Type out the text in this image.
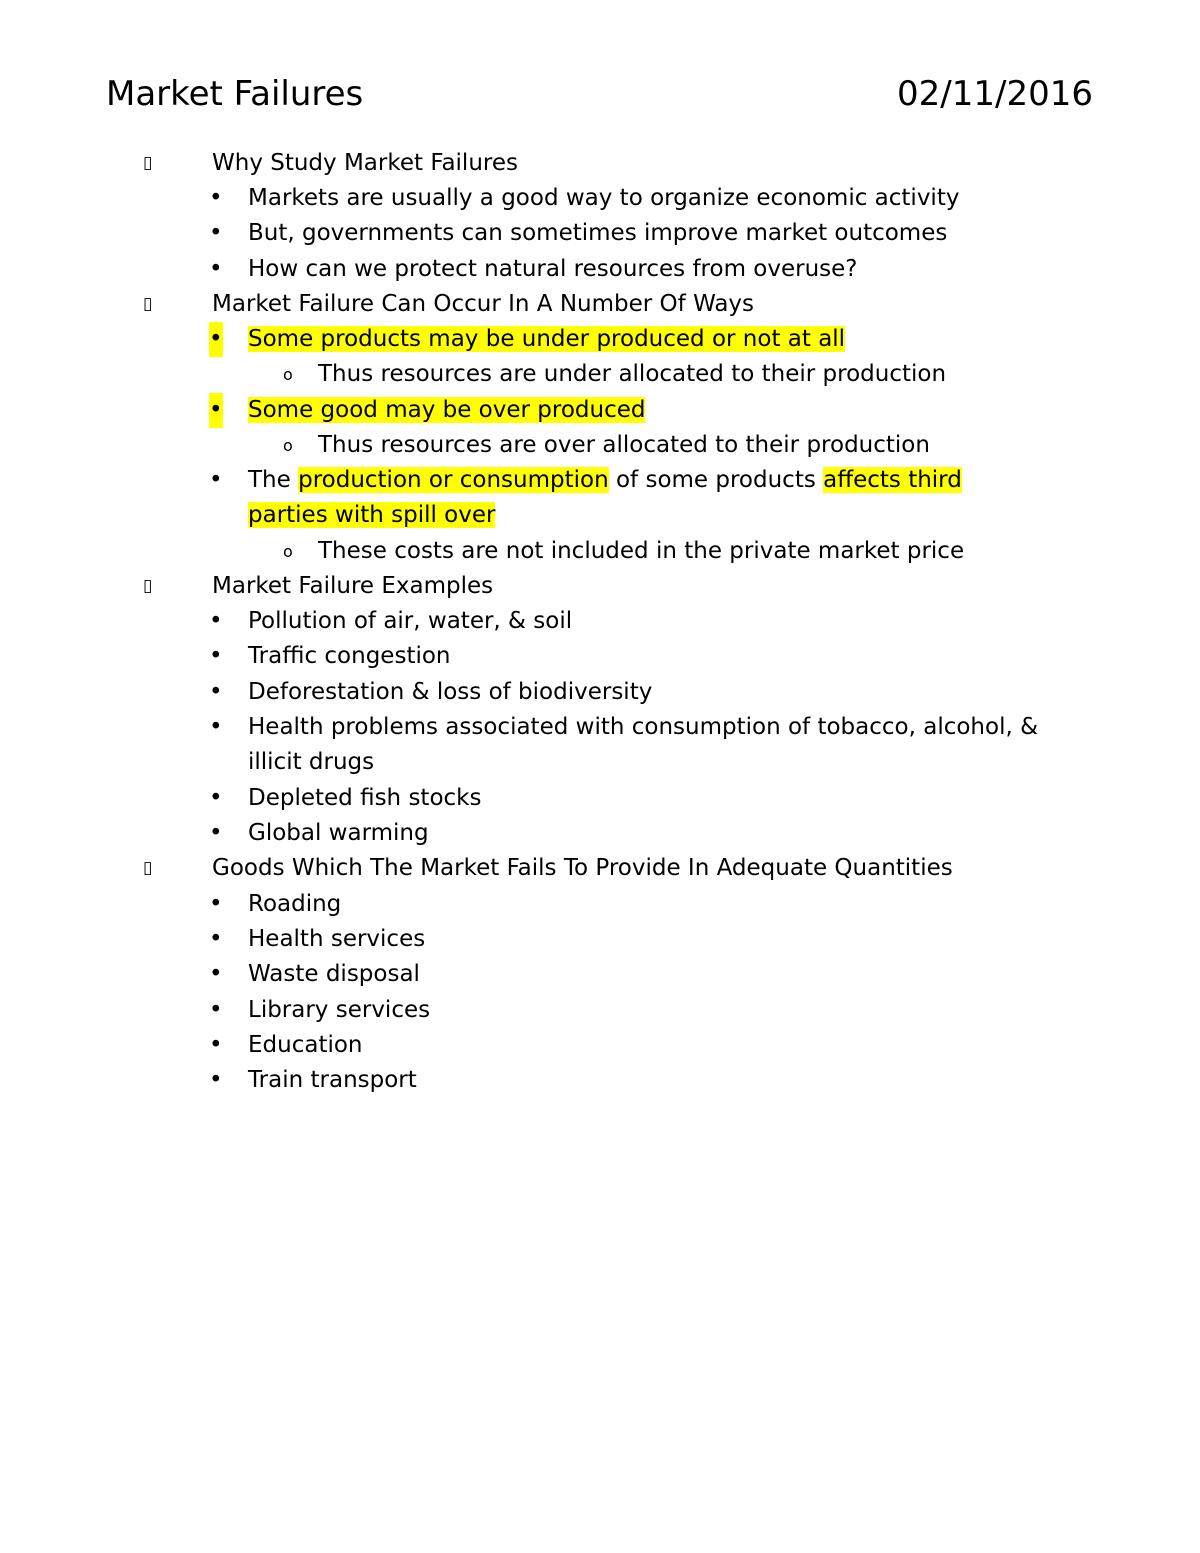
Market Failures	02/11/2016
▯	Why Study Market Failures
• Markets are usually a good way to organize economic activity
• But, governments can sometimes improve market outcomes
• How can we protect natural resources from overuse?
▯	Market Failure Can Occur In A Number Of Ways
• Some products may be under produced or not at all
o Thus resources are under allocated to their production
• Some good may be over produced
o Thus resources are over allocated to their production
• The production or consumption of some products affects third
parties with spill over
o These costs are not included in the private market price
▯	Market Failure Examples
• Pollution of air, water, & soil
• Traffic congestion
• Deforestation & loss of biodiversity
• Health problems associated with consumption of tobacco, alcohol, &
illicit drugs
• Depleted fish stocks
• Global warming
▯	Goods Which The Market Fails To Provide In Adequate Quantities
• Roading
• Health services
• Waste disposal
• Library services
• Education
• Train transport
